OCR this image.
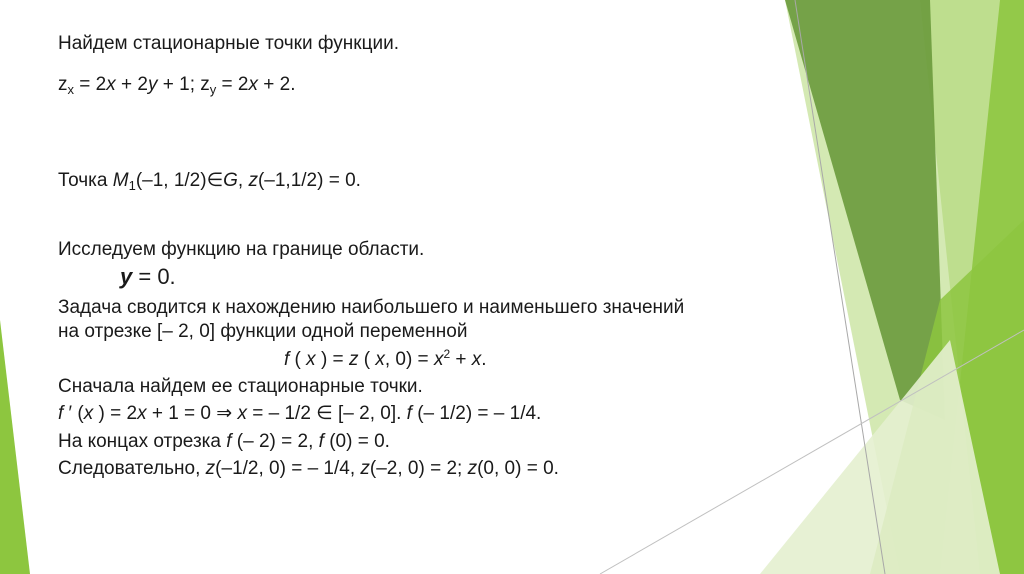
Найдем стационарные точки функции.
$z_x = 2x + 2y + 1$; $z_y = 2x + 2$.
Точка $M_1(-1$, 1/2)∈G, z(–1,1/2) = 0.
Исследуем функцию на границе области.
y = 0.
Задача сводится к нахождению наибольшего и наименьшего значений
на отрезке [– 2, 0] функции одной переменной
f ( x ) = z ( x, $0) = x^2 + x$.
Сначала найдем ее стационарные точки.
f ′ (x ) = 2x + 1 = 0 ⇒ x = – 1/2 ∈ [– 2, 0]. f (– 1/2) = – 1/4.
На концах отрезка f (– 2) = 2, f (0) = 0.
Следовательно, z(–1/2, 0) = – 1/4, z(–2, 0) = 2; z(0, 0) = 0.
